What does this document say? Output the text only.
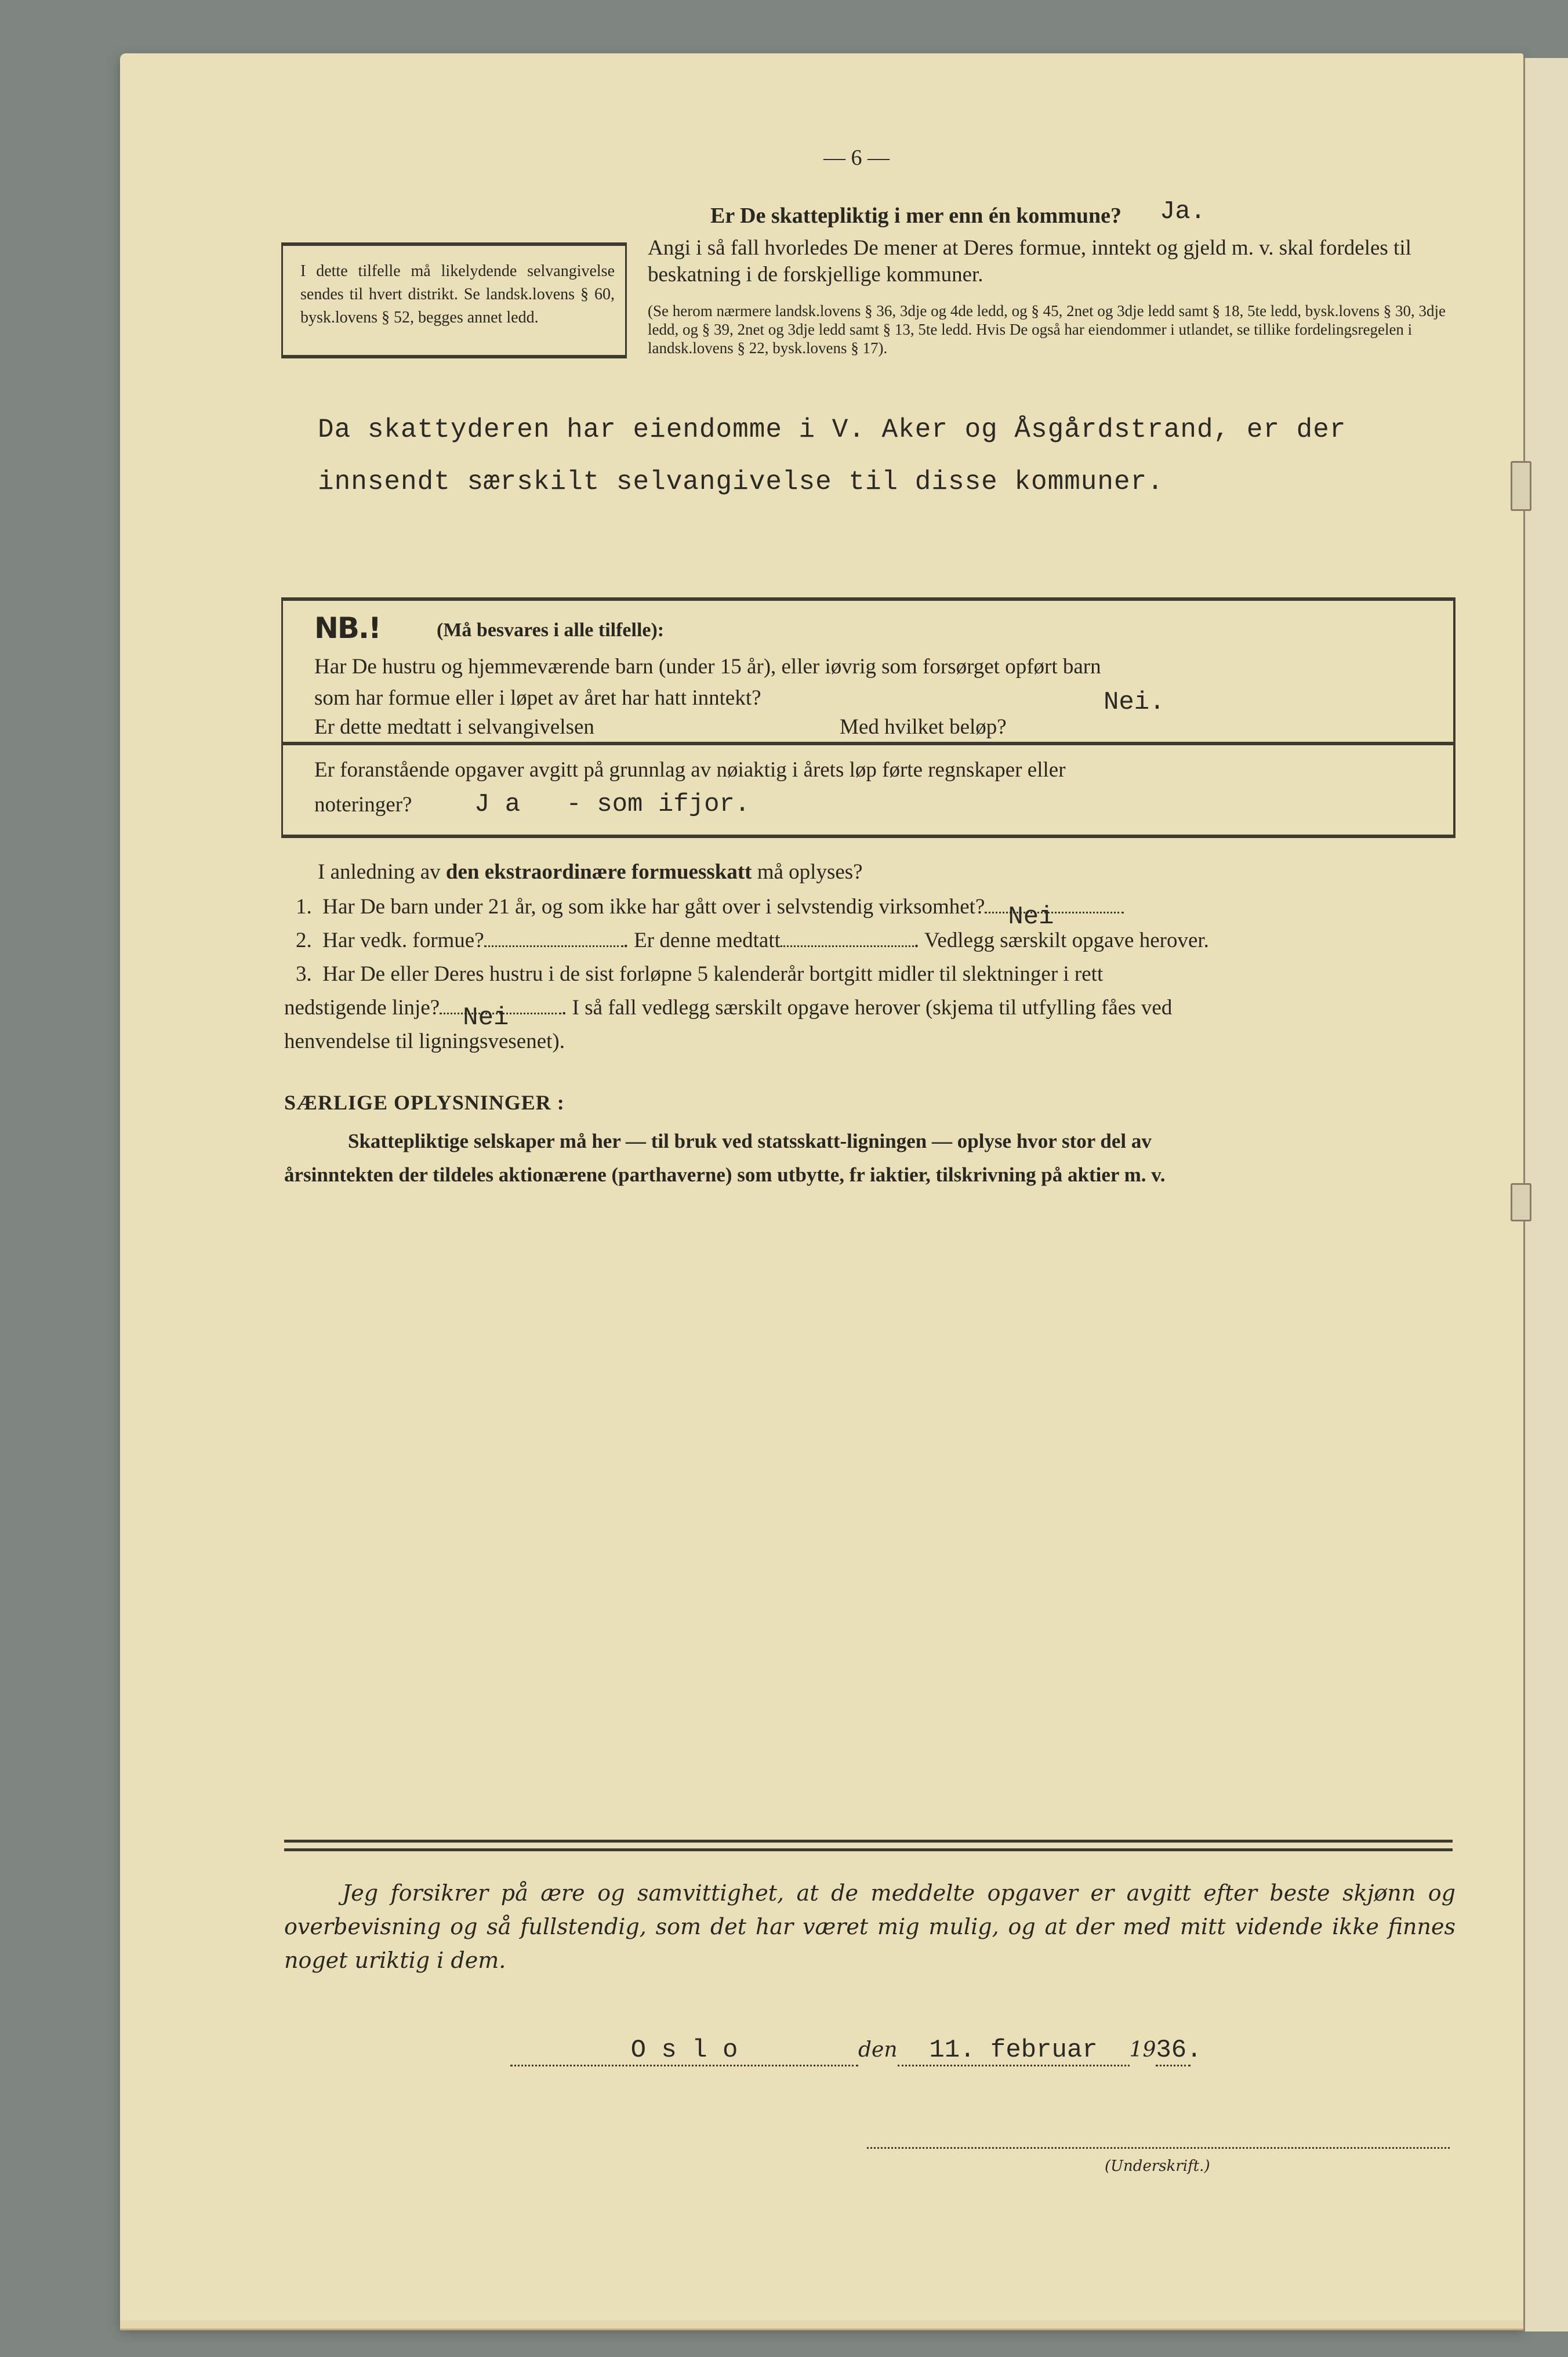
— 6 —
Er De skattepliktig i mer enn én kommune? Ja.
I dette tilfelle må likelydende selvangivelse sendes til hvert distrikt. Se landsk.lovens § 60, bysk.lovens § 52, begges annet ledd.
Angi i så fall hvorledes De mener at Deres formue, inntekt og gjeld m. v. skal fordeles til beskatning i de forskjellige kommuner.
(Se herom nærmere landsk.lovens § 36, 3dje og 4de ledd, og § 45, 2net og 3dje ledd samt § 18, 5te ledd, bysk.lovens § 30, 3dje ledd, og § 39, 2net og 3dje ledd samt § 13, 5te ledd. Hvis De også har eiendommer i utlandet, se tillike fordelingsregelen i landsk.lovens § 22, bysk.lovens § 17).
Da skattyderen har eiendomme i V. Aker og Åsgårdstrand, er der
innsendt særskilt selvangivelse til disse kommuner.
NB.!	(Må besvares i alle tilfelle):
Har De hustru og hjemmeværende barn (under 15 år), eller iøvrig som forsørget opført barn
som har formue eller i løpet av året har hatt inntekt?	Nei.
Er dette medtatt i selvangivelsen	Med hvilket beløp?
Er foranstående opgaver avgitt på grunnlag av nøiaktig i årets løp førte regnskaper eller
noteringer? J a   - som ifjor.
I anledning av den ekstraordinære formuesskatt må oplyses?
1. Har De barn under 21 år, og som ikke har gått over i selvstendig virksomhet? Nei
2. Har vedk. formue?	. Er denne medtatt	. Vedlegg særskilt opgave herover.
3. Har De eller Deres hustru i de sist forløpne 5 kalenderår bortgitt midler til slektninger i rett
nedstigende linje? Nei . I så fall vedlegg særskilt opgave herover (skjema til utfylling fåes ved
henvendelse til ligningsvesenet).
SÆRLIGE OPLYSNINGER :
Skattepliktige selskaper må her — til bruk ved statsskatt-ligningen — oplyse hvor stor del av
årsinntekten der tildeles aktionærene (parthaverne) som utbytte, fr iaktier, tilskrivning på aktier m. v.
Jeg forsikrer på ære og samvittighet, at de meddelte opgaver er avgitt efter beste skjønn og overbevisning og så fullstendig, som det har været mig mulig, og at der med mitt vidende ikke finnes noget uriktig i dem.
O s l o	den 11. februar 1936.
(Underskrift.)
